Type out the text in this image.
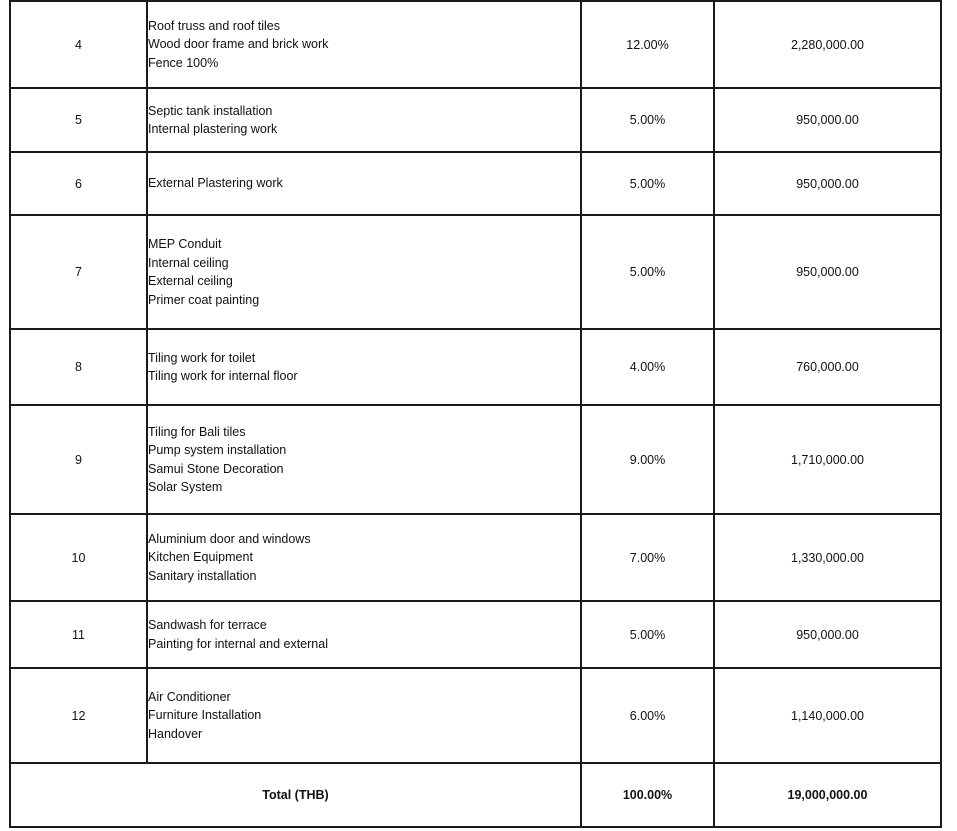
4	Roof truss and roof tiles
Wood door frame and brick work
Fence 100%	12.00%	2,280,000.00
5	Septic tank installation
Internal plastering work	5.00%	950,000.00
6	External Plastering work	5.00%	950,000.00
7	MEP Conduit
Internal ceiling
External ceiling
Primer coat painting	5.00%	950,000.00
8	Tiling work for toilet
Tiling work for internal floor	4.00%	760,000.00
9	Tiling for Bali tiles
Pump system installation
Samui Stone Decoration
Solar System	9.00%	1,710,000.00
10	Aluminium door and windows
Kitchen Equipment
Sanitary installation	7.00%	1,330,000.00
11	Sandwash for terrace
Painting for internal and external	5.00%	950,000.00
12	Air Conditioner
Furniture Installation
Handover	6.00%	1,140,000.00
Total (THB)		100.00%	19,000,000.00
